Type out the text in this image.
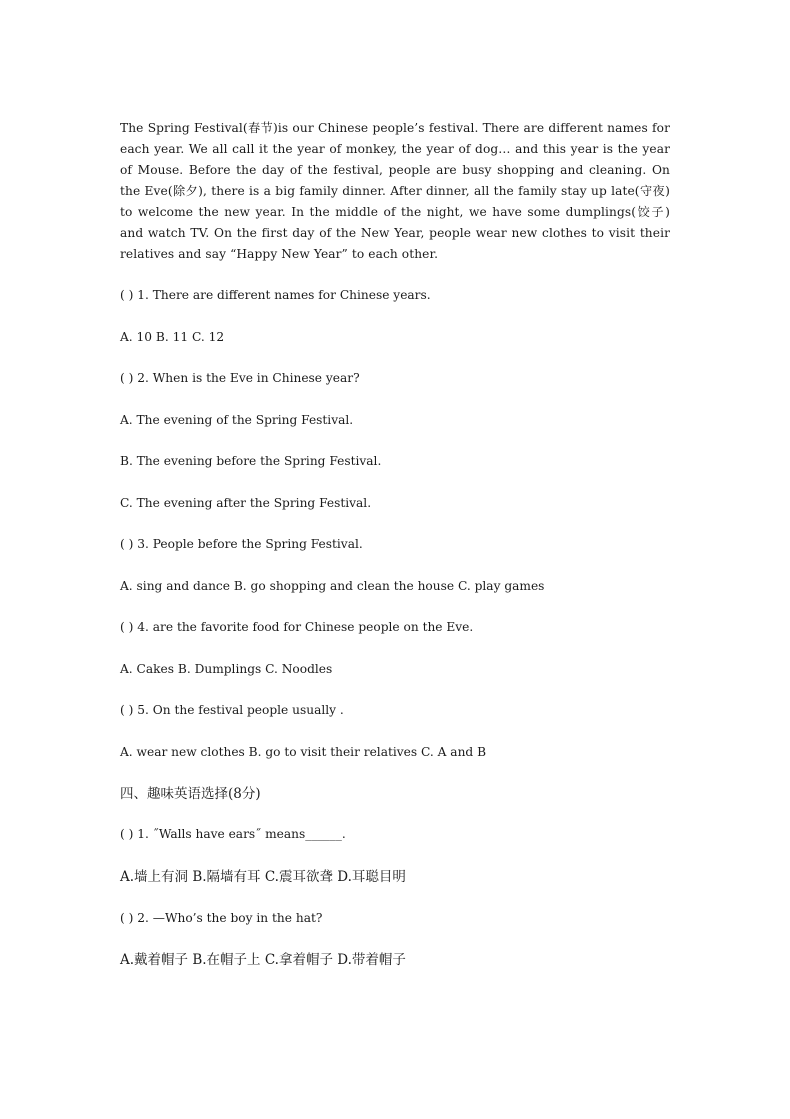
The Spring Festival(春节)is our Chinese people’s festival. There are different names for each year. We all call it the year of monkey, the year of dog… and this year is the year of Mouse. Before the day of the festival, people are busy shopping and cleaning. On the Eve(除夕), there is a big family dinner. After dinner, all the family stay up late(守夜) to welcome the new year. In the middle of the night, we have some dumplings(饺子) and watch TV. On the first day of the New Year, people wear new clothes to visit their relatives and say “Happy New Year” to each other.

( ) 1. There are different names for Chinese years.

A. 10 B. 11 C. 12

( ) 2. When is the Eve in Chinese year?

A. The evening of the Spring Festival.

B. The evening before the Spring Festival.

C. The evening after the Spring Festival.

( ) 3. People before the Spring Festival.

A. sing and dance B. go shopping and clean the house C. play games

( ) 4. are the favorite food for Chinese people on the Eve.

A. Cakes B. Dumplings C. Noodles

( ) 5. On the festival people usually .

A. wear new clothes B. go to visit their relatives C. A and B

四、趣味英语选择(8分)

( ) 1. ˝Walls have ears˝ means______.

A.墙上有洞 B.隔墙有耳 C.震耳欲聋 D.耳聪目明

( ) 2. —Who’s the boy in the hat?

A.戴着帽子 B.在帽子上 C.拿着帽子 D.带着帽子
